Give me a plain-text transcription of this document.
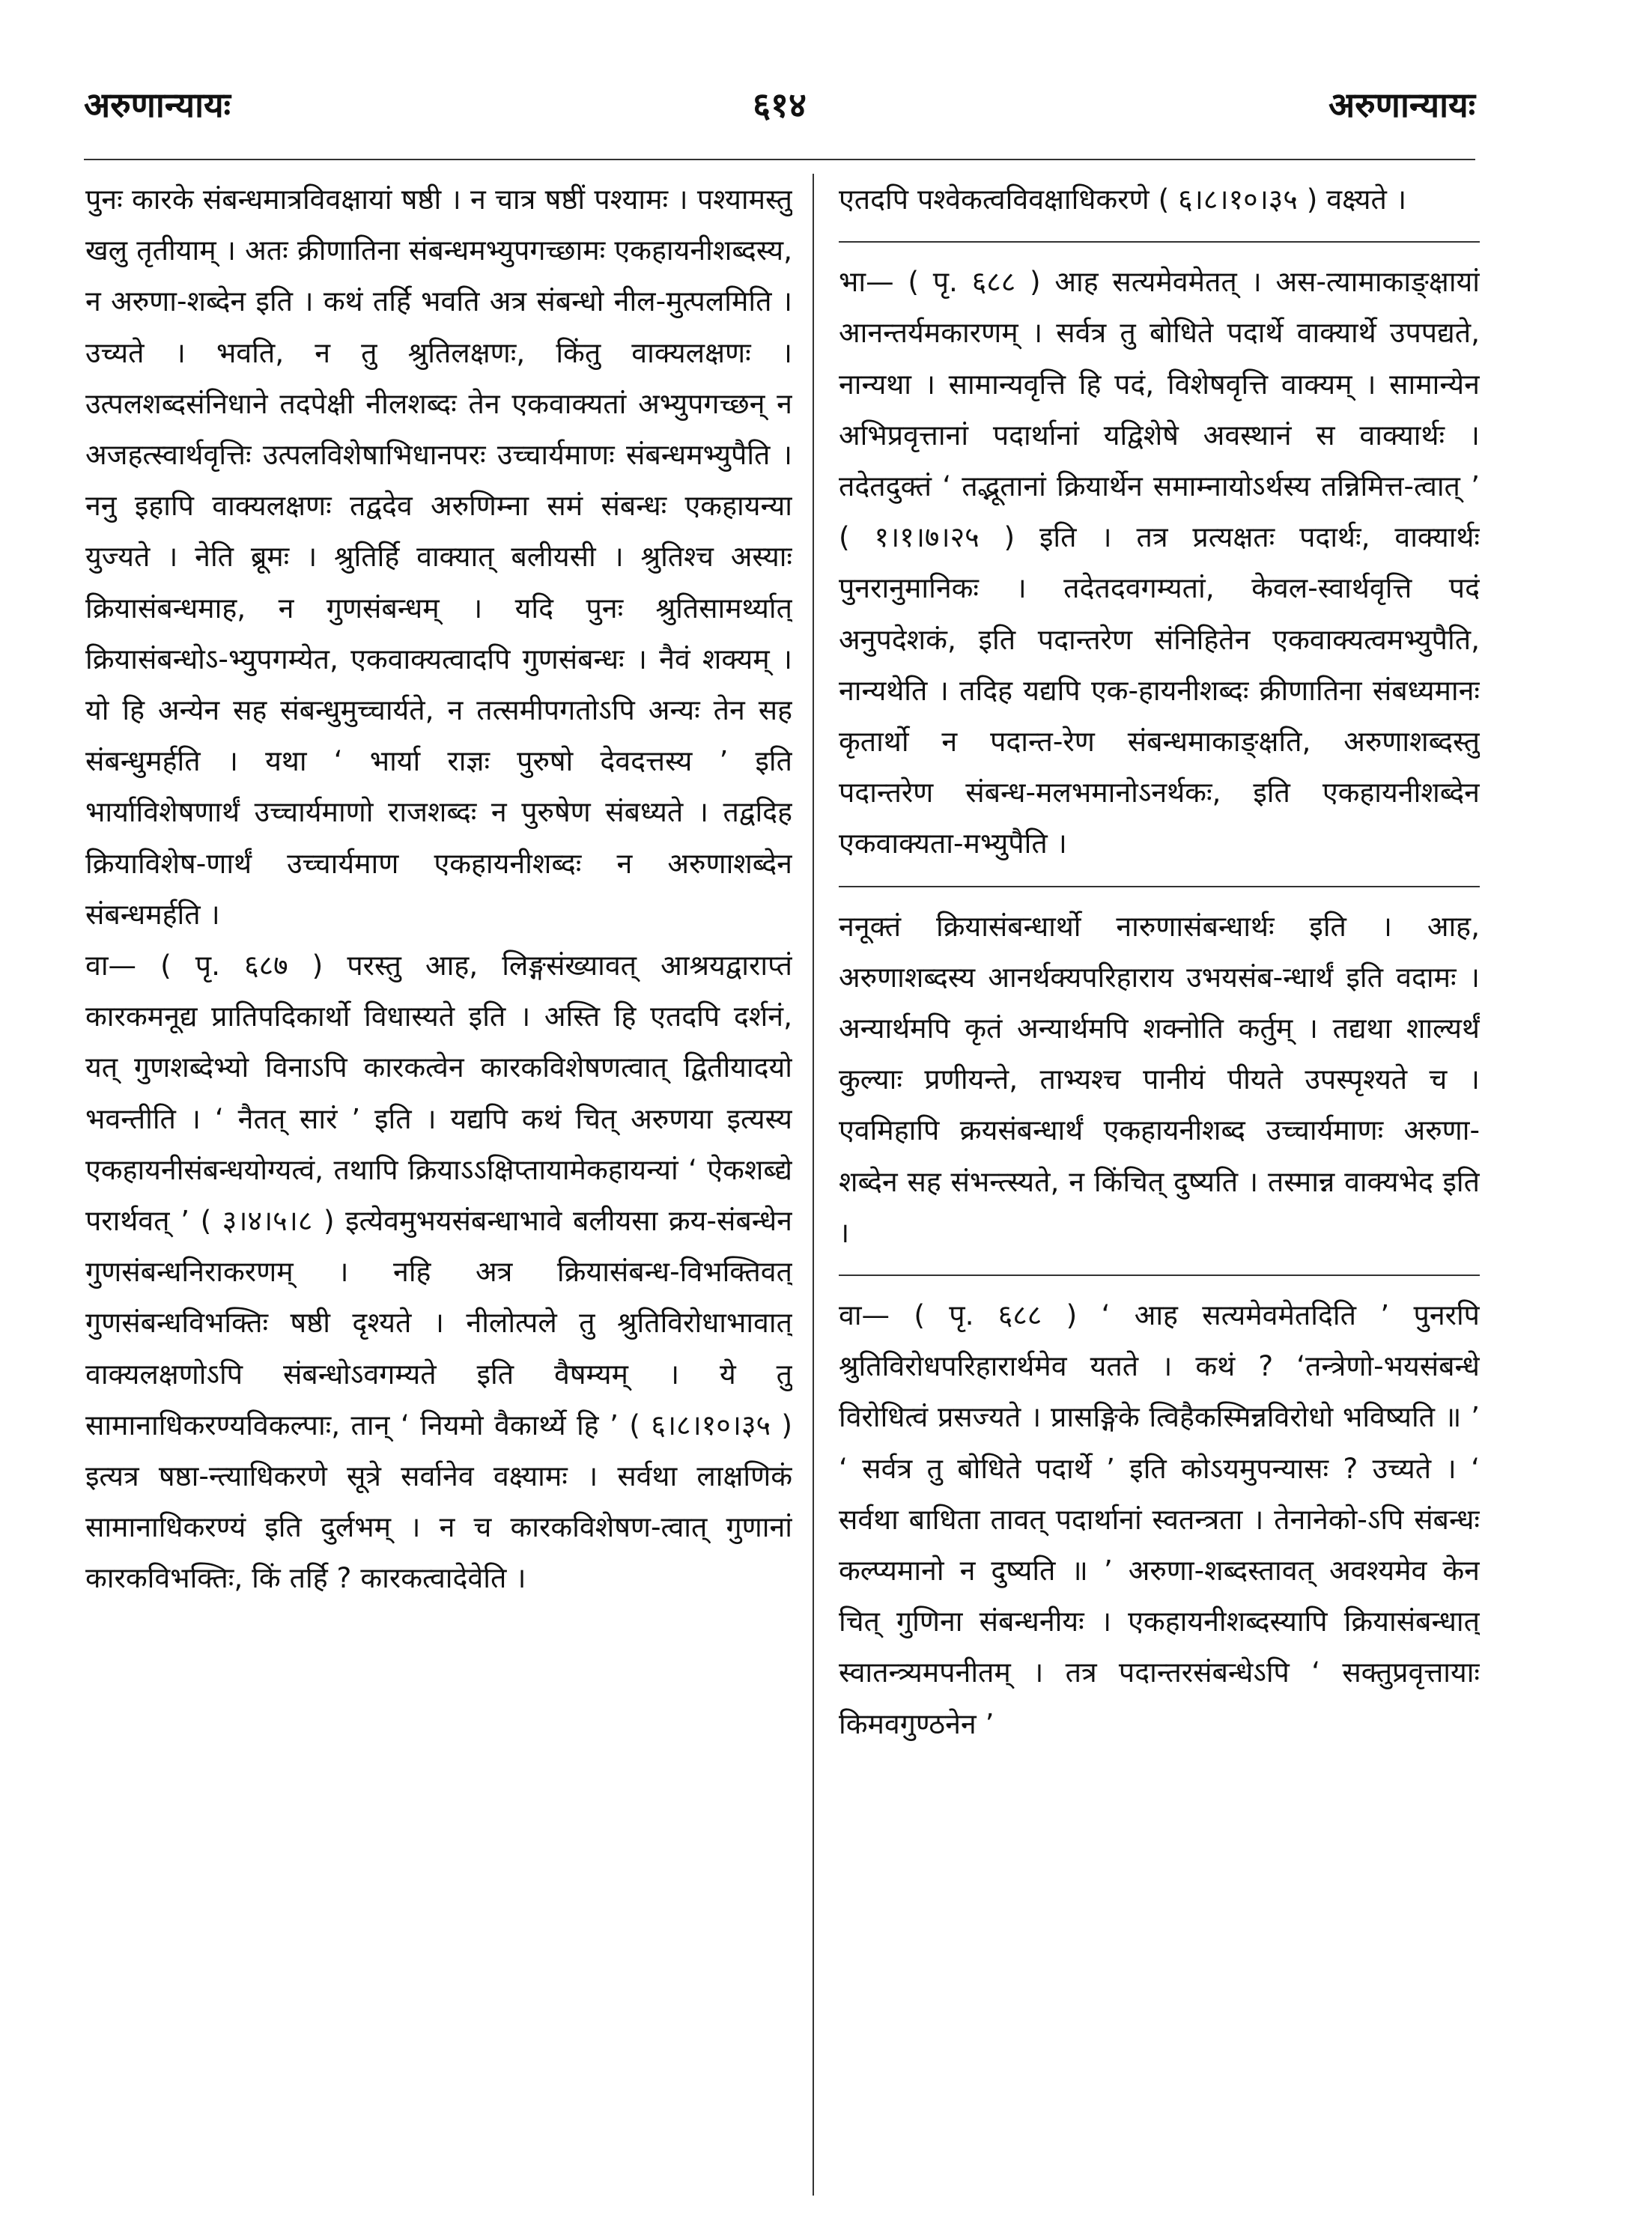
अरुणान्यायः	६१४	अरुणान्यायः

पुनः कारके संबन्धमात्रविवक्षायां षष्ठी । न चात्र षष्ठीं पश्यामः । पश्यामस्तु खलु तृतीयाम् । अतः क्रीणातिना संबन्धमभ्युपगच्छामः एकहायनीशब्दस्य, न अरुणा-शब्देन इति । कथं तर्हि भवति अत्र संबन्धो नील-मुत्पलमिति । उच्यते । भवति, न तु श्रुतिलक्षणः, किंतु वाक्यलक्षणः । उत्पलशब्दसंनिधाने तदपेक्षी नीलशब्दः तेन एकवाक्यतां अभ्युपगच्छन् न अजहत्स्वार्थवृत्तिः उत्पलविशेषाभिधानपरः उच्चार्यमाणः संबन्धमभ्युपैति । ननु इहापि वाक्यलक्षणः तद्वदेव अरुणिम्ना समं संबन्धः एकहायन्या युज्यते । नेति ब्रूमः । श्रुतिर्हि वाक्यात् बलीयसी । श्रुतिश्च अस्याः क्रियासंबन्धमाह, न गुणसंबन्धम् । यदि पुनः श्रुतिसामर्थ्यात् क्रियासंबन्धोऽ-भ्युपगम्येत, एकवाक्यत्वादपि गुणसंबन्धः । नैवं शक्यम् । यो हि अन्येन सह संबन्धुमुच्चार्यते, न तत्समीपगतोऽपि अन्यः तेन सह संबन्धुमर्हति । यथा ‘ भार्या राज्ञः पुरुषो देवदत्तस्य ’ इति भार्याविशेषणार्थं उच्चार्यमाणो राजशब्दः न पुरुषेण संबध्यते । तद्वदिह क्रियाविशेष-णार्थं उच्चार्यमाण एकहायनीशब्दः न अरुणाशब्देन संबन्धमर्हति ।

वा— ( पृ. ६८७ ) परस्तु आह, लिङ्गसंख्यावत् आश्रयद्वाराप्तं कारकमनूद्य प्रातिपदिकार्थो विधास्यते इति । अस्ति हि एतदपि दर्शनं, यत् गुणशब्देभ्यो विनाऽपि कारकत्वेन कारकविशेषणत्वात् द्वितीयादयो भवन्तीति । ‘ नैतत् सारं ’ इति । यद्यपि कथं चित् अरुणया इत्यस्य एकहायनीसंबन्धयोग्यत्वं, तथापि क्रियाऽऽक्षिप्तायामेकहायन्यां ‘ ऐकशब्द्ये परार्थवत् ’ ( ३।४।५।८ ) इत्येवमुभयसंबन्धाभावे बलीयसा क्रय-संबन्धेन गुणसंबन्धनिराकरणम् । नहि अत्र क्रियासंबन्ध-विभक्तिवत् गुणसंबन्धविभक्तिः षष्ठी दृश्यते । नीलोत्पले तु श्रुतिविरोधाभावात् वाक्यलक्षणोऽपि संबन्धोऽवगम्यते इति वैषम्यम् । ये तु सामानाधिकरण्यविकल्पाः, तान् ‘ नियमो वैकार्थ्ये हि ’ ( ६।८।१०।३५ ) इत्यत्र षष्ठा-न्त्याधिकरणे सूत्रे सर्वानेव वक्ष्यामः । सर्वथा लाक्षणिकं सामानाधिकरण्यं इति दुर्लभम् । न च कारकविशेषण-त्वात् गुणानां कारकविभक्तिः, किं तर्हि ? कारकत्वादेवेति ।

एतदपि पश्वेकत्वविवक्षाधिकरणे ( ६।८।१०।३५ ) वक्ष्यते ।

भा— ( पृ. ६८८ ) आह सत्यमेवमेतत् । अस-त्यामाकाङ्क्षायां आनन्तर्यमकारणम् । सर्वत्र तु बोधिते पदार्थे वाक्यार्थे उपपद्यते, नान्यथा । सामान्यवृत्ति हि पदं, विशेषवृत्ति वाक्यम् । सामान्येन अभिप्रवृत्तानां पदार्थानां यद्विशेषे अवस्थानं स वाक्यार्थः । तदेतदुक्तं ‘ तद्भूतानां क्रियार्थेन समाम्नायोऽर्थस्य तन्निमित्त-त्वात् ’ ( १।१।७।२५ ) इति । तत्र प्रत्यक्षतः पदार्थः, वाक्यार्थः पुनरानुमानिकः । तदेतदवगम्यतां, केवल-स्वार्थवृत्ति पदं अनुपदेशकं, इति पदान्तरेण संनिहितेन एकवाक्यत्वमभ्युपैति, नान्यथेति । तदिह यद्यपि एक-हायनीशब्दः क्रीणातिना संबध्यमानः कृतार्थो न पदान्त-रेण संबन्धमाकाङ्क्षति, अरुणाशब्दस्तु पदान्तरेण संबन्ध-मलभमानोऽनर्थकः, इति एकहायनीशब्देन एकवाक्यता-मभ्युपैति ।

ननूक्तं क्रियासंबन्धार्थो नारुणासंबन्धार्थः इति । आह, अरुणाशब्दस्य आनर्थक्यपरिहाराय उभयसंब-न्धार्थं इति वदामः । अन्यार्थमपि कृतं अन्यार्थमपि शक्नोति कर्तुम् । तद्यथा शाल्यर्थं कुल्याः प्रणीयन्ते, ताभ्यश्च पानीयं पीयते उपस्पृश्यते च । एवमिहापि क्रयसंबन्धार्थं एकहायनीशब्द उच्चार्यमाणः अरुणा-शब्देन सह संभन्त्स्यते, न किंचित् दुष्यति । तस्मान्न वाक्यभेद इति ।

वा— ( पृ. ६८८ ) ‘ आह सत्यमेवमेतदिति ’ पुनरपि श्रुतिविरोधपरिहारार्थमेव यतते । कथं ? ‘तन्त्रेणो-भयसंबन्धे विरोधित्वं प्रसज्यते । प्रासङ्गिके त्विहैकस्मिन्नविरोधो भविष्यति ॥ ’ ‘ सर्वत्र तु बोधिते पदार्थे ’ इति कोऽयमुपन्यासः ? उच्यते । ‘ सर्वथा बाधिता तावत् पदार्थानां स्वतन्त्रता । तेनानेको-ऽपि संबन्धः कल्प्यमानो न दुष्यति ॥ ’ अरुणा-शब्दस्तावत् अवश्यमेव केन चित् गुणिना संबन्धनीयः । एकहायनीशब्दस्यापि क्रियासंबन्धात् स्वातन्त्र्यमपनीतम् । तत्र पदान्तरसंबन्धेऽपि ‘ सक्तुप्रवृत्तायाः किमवगुण्ठनेन ’
